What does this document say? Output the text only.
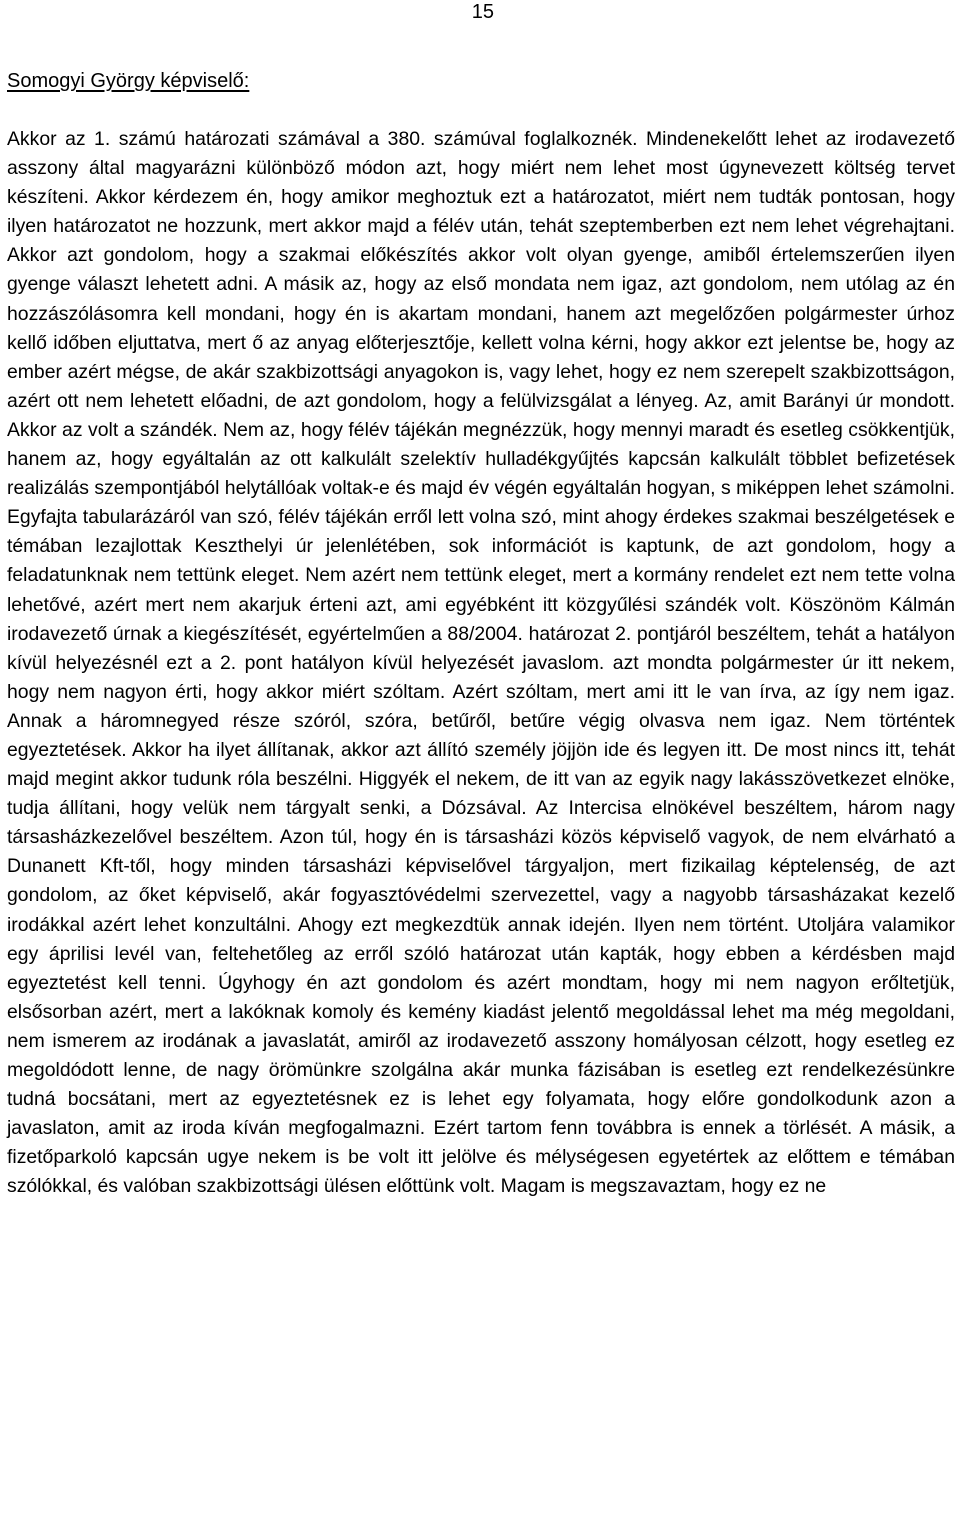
15
Somogyi György képviselő:

Akkor az 1. számú határozati számával a 380. számúval foglalkoznék. Mindenekelőtt lehet az irodavezető asszony által magyarázni különböző módon azt, hogy miért nem lehet most úgynevezett költség tervet készíteni. Akkor kérdezem én, hogy amikor meghoztuk ezt a határozatot, miért nem tudták pontosan, hogy ilyen határozatot ne hozzunk, mert akkor majd a félév után, tehát szeptemberben ezt nem lehet végrehajtani. Akkor azt gondolom, hogy a szakmai előkészítés akkor volt olyan gyenge, amiből értelemszerűen ilyen gyenge választ lehetett adni. A másik az, hogy az első mondata nem igaz, azt gondolom, nem utólag az én hozzászólásomra kell mondani, hogy én is akartam mondani, hanem azt megelőzően polgármester úrhoz kellő időben eljuttatva, mert ő az anyag előterjesztője, kellett volna kérni, hogy akkor ezt jelentse be, hogy az ember azért mégse, de akár szakbizottsági anyagokon is, vagy lehet, hogy ez nem szerepelt szakbizottságon, azért ott nem lehetett előadni, de azt gondolom, hogy a felülvizsgálat a lényeg. Az, amit Barányi úr mondott. Akkor az volt a szándék. Nem az, hogy félév tájékán megnézzük, hogy mennyi maradt és esetleg csökkentjük, hanem az, hogy egyáltalán az ott kalkulált szelektív hulladékgyűjtés kapcsán kalkulált többlet befizetések realizálás szempontjából helytállóak voltak-e és majd év végén egyáltalán hogyan, s miképpen lehet számolni. Egyfajta tabularázáról van szó, félév tájékán erről lett volna szó, mint ahogy érdekes szakmai beszélgetések e témában lezajlottak Keszthelyi úr jelenlétében, sok információt is kaptunk, de azt gondolom, hogy a feladatunknak nem tettünk eleget. Nem azért nem tettünk eleget, mert a kormány rendelet ezt nem tette volna lehetővé, azért mert nem akarjuk érteni azt, ami egyébként itt közgyűlési szándék volt. Köszönöm Kálmán irodavezető úrnak a kiegészítését, egyértelműen a 88/2004. határozat 2. pontjáról beszéltem, tehát a hatályon kívül helyezésnél ezt a 2. pont hatályon kívül helyezését javaslom. azt mondta polgármester úr itt nekem, hogy nem nagyon érti, hogy akkor miért szóltam. Azért szóltam, mert ami itt le van írva, az így nem igaz. Annak a háromnegyed része szóról, szóra, betűről, betűre végig olvasva nem igaz. Nem történtek egyeztetések. Akkor ha ilyet állítanak, akkor azt állító személy jöjjön ide és legyen itt. De most nincs itt, tehát majd megint akkor tudunk róla beszélni. Higgyék el nekem, de itt van az egyik nagy lakásszövetkezet elnöke, tudja állítani, hogy velük nem tárgyalt senki, a Dózsával. Az Intercisa elnökével beszéltem, három nagy társasházkezelővel beszéltem. Azon túl, hogy én is társasházi közös képviselő vagyok, de nem elvárható a Dunanett Kft-től, hogy minden társasházi képviselővel tárgyaljon, mert fizikailag képtelenség, de azt gondolom, az őket képviselő, akár fogyasztóvédelmi szervezettel, vagy a nagyobb társasházakat kezelő irodákkal azért lehet konzultálni. Ahogy ezt megkezdtük annak idején. Ilyen nem történt. Utoljára valamikor egy áprilisi levél van, feltehetőleg az erről szóló határozat után kapták, hogy ebben a kérdésben majd egyeztetést kell tenni. Úgyhogy én azt gondolom és azért mondtam, hogy mi nem nagyon erőltetjük, elsősorban azért, mert a lakóknak komoly és kemény kiadást jelentő megoldással lehet ma még megoldani, nem ismerem az irodának a javaslatát, amiről az irodavezető asszony homályosan célzott, hogy esetleg ez megoldódott lenne, de nagy örömünkre szolgálna akár munka fázisában is esetleg ezt rendelkezésünkre tudná bocsátani, mert az egyeztetésnek ez is lehet egy folyamata, hogy előre gondolkodunk azon a javaslaton, amit az iroda kíván megfogalmazni. Ezért tartom fenn továbbra is ennek a törlését. A másik, a fizetőparkoló kapcsán ugye nekem is be volt itt jelölve és mélységesen egyetértek az előttem e témában szólókkal, és valóban szakbizottsági ülésen előttünk volt. Magam is megszavaztam, hogy ez ne
